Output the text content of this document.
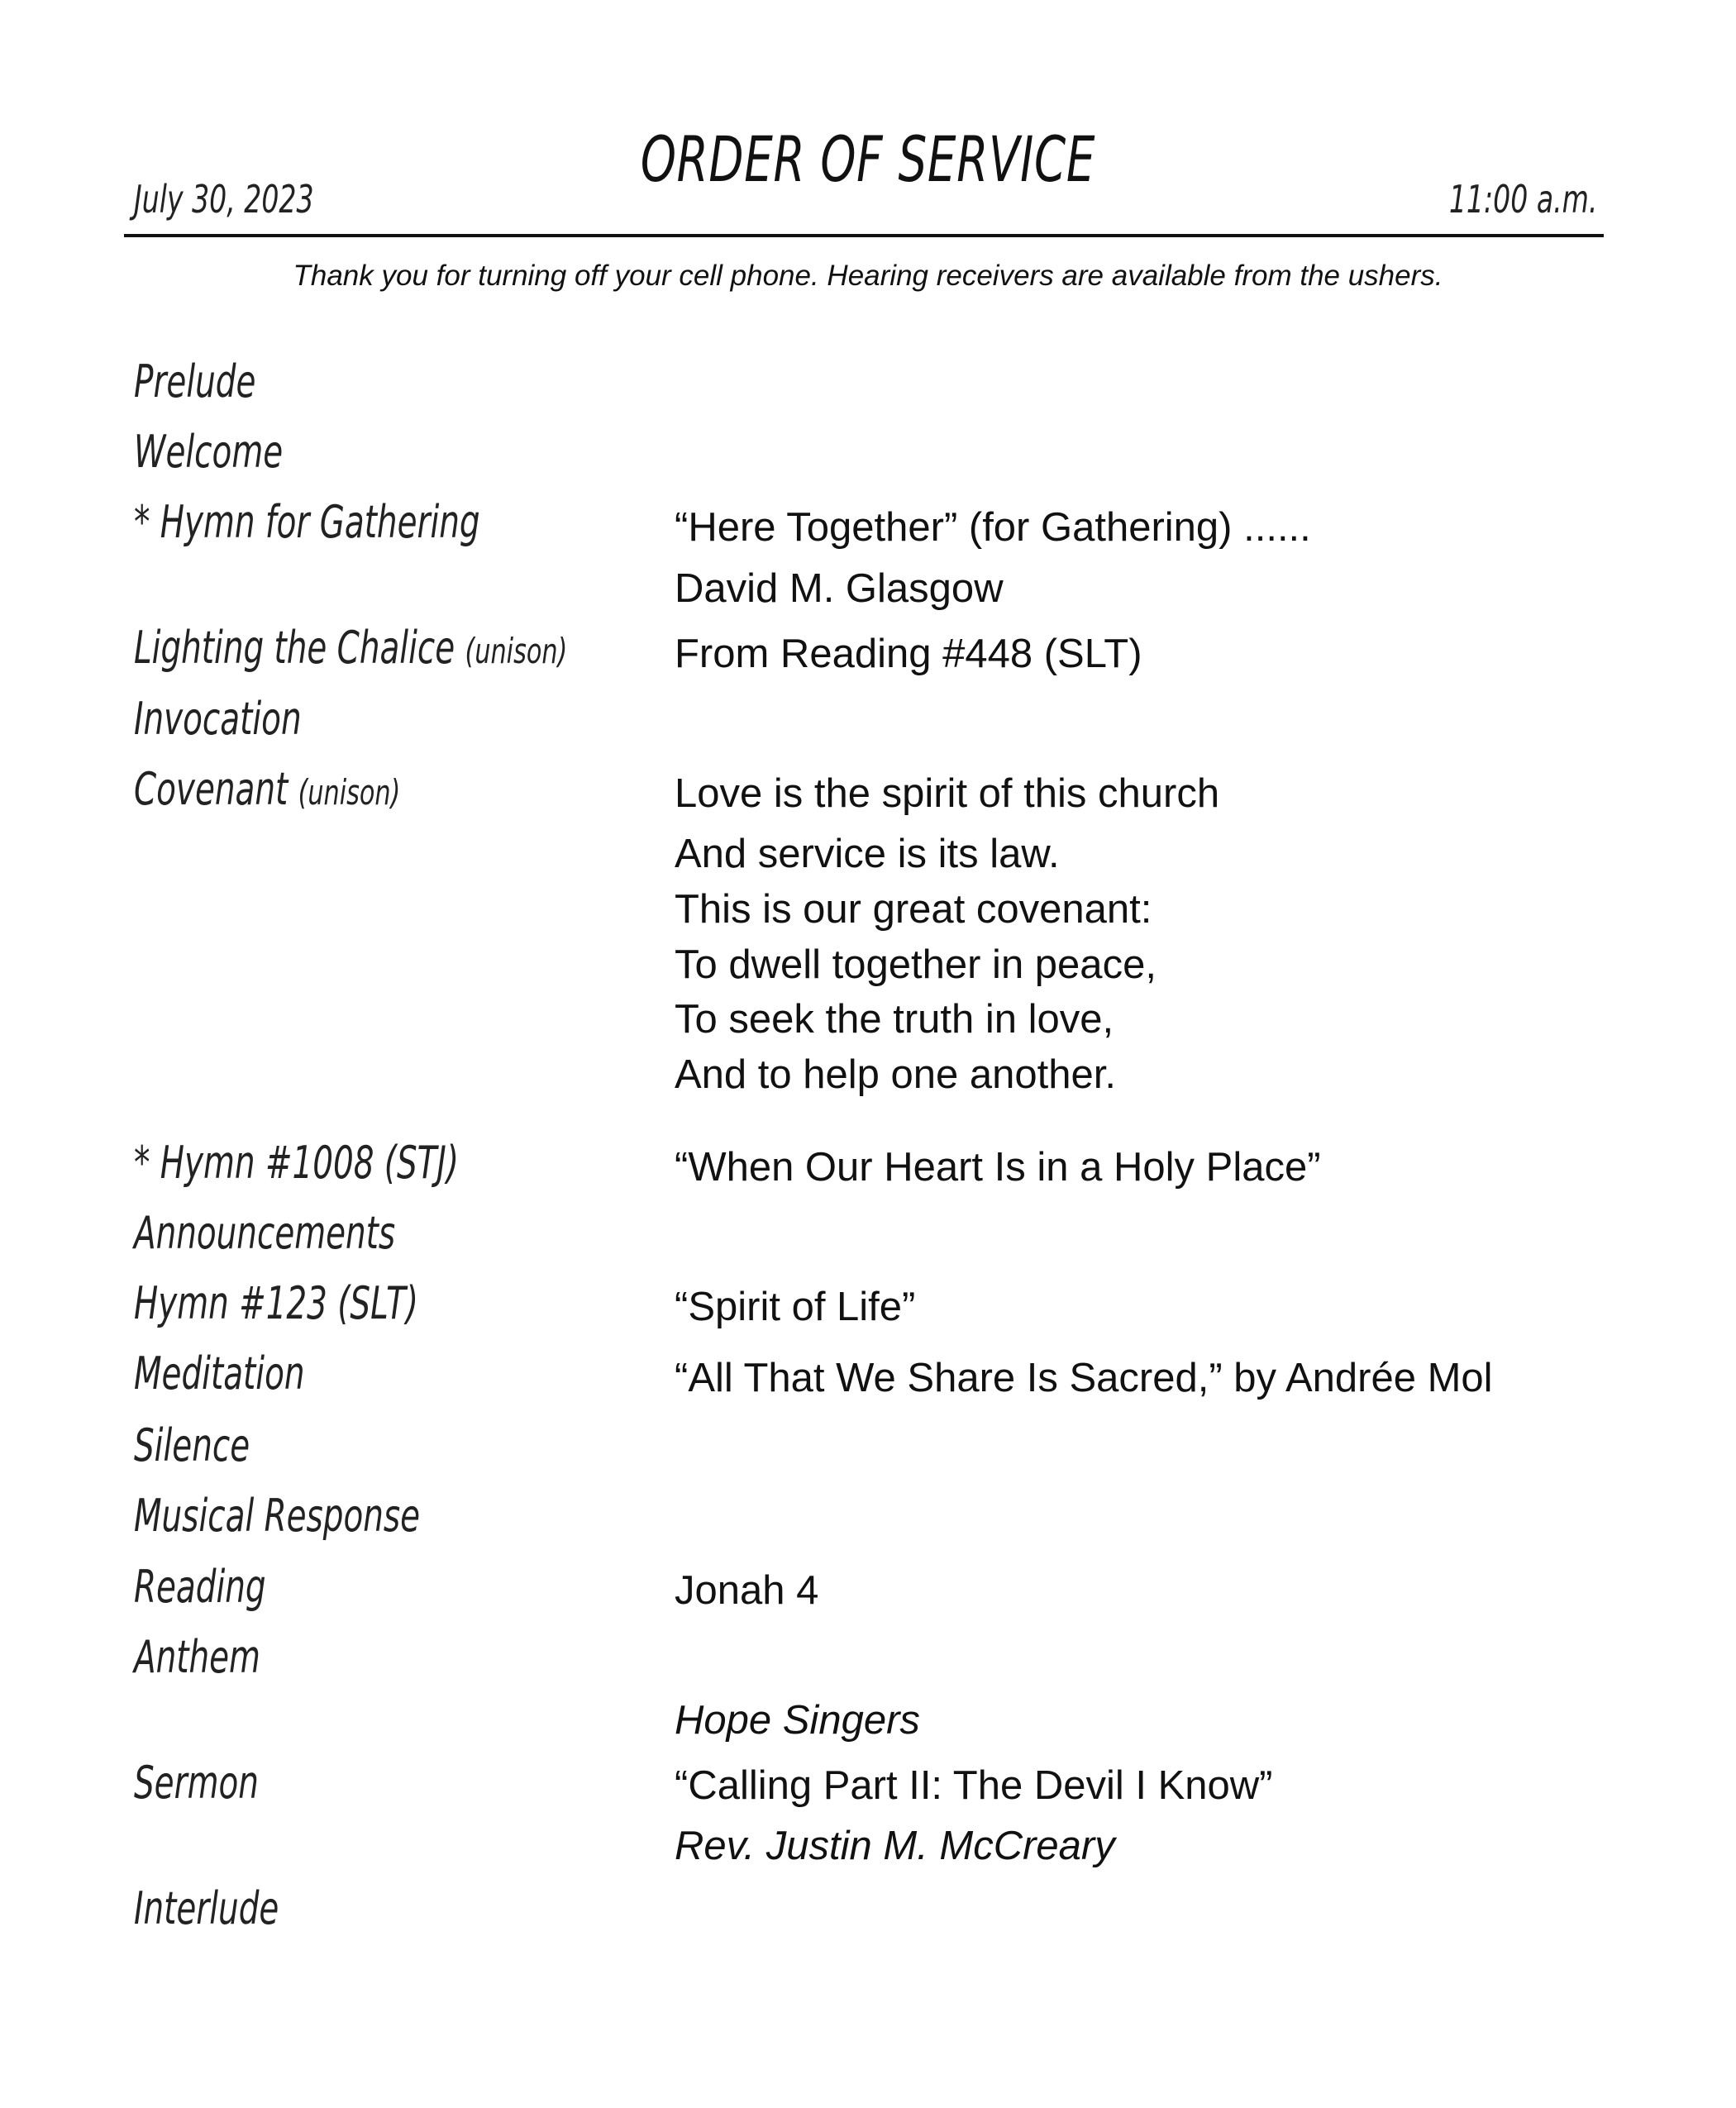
ORDER OF SERVICE
July 30, 2023	11:00 a.m.
Thank you for turning off your cell phone. Hearing receivers are available from the ushers.
Prelude
Welcome
* Hymn for Gathering
Lighting the Chalice (unison)
Invocation
Covenant (unison)
* Hymn #1008 (STJ)
Announcements
Hymn #123 (SLT)
Meditation
Silence
Musical Response
Reading
Anthem
Sermon
Interlude
“Here Together” (for Gathering) ......
David M. Glasgow
From Reading #448 (SLT)
Love is the spirit of this church
And service is its law.
This is our great covenant:
To dwell together in peace,
To seek the truth in love,
And to help one another.
“When Our Heart Is in a Holy Place”
“Spirit of Life”
“All That We Share Is Sacred,” by Andrée Mol
Jonah 4
Hope Singers
“Calling Part II: The Devil I Know”
Rev. Justin M. McCreary
